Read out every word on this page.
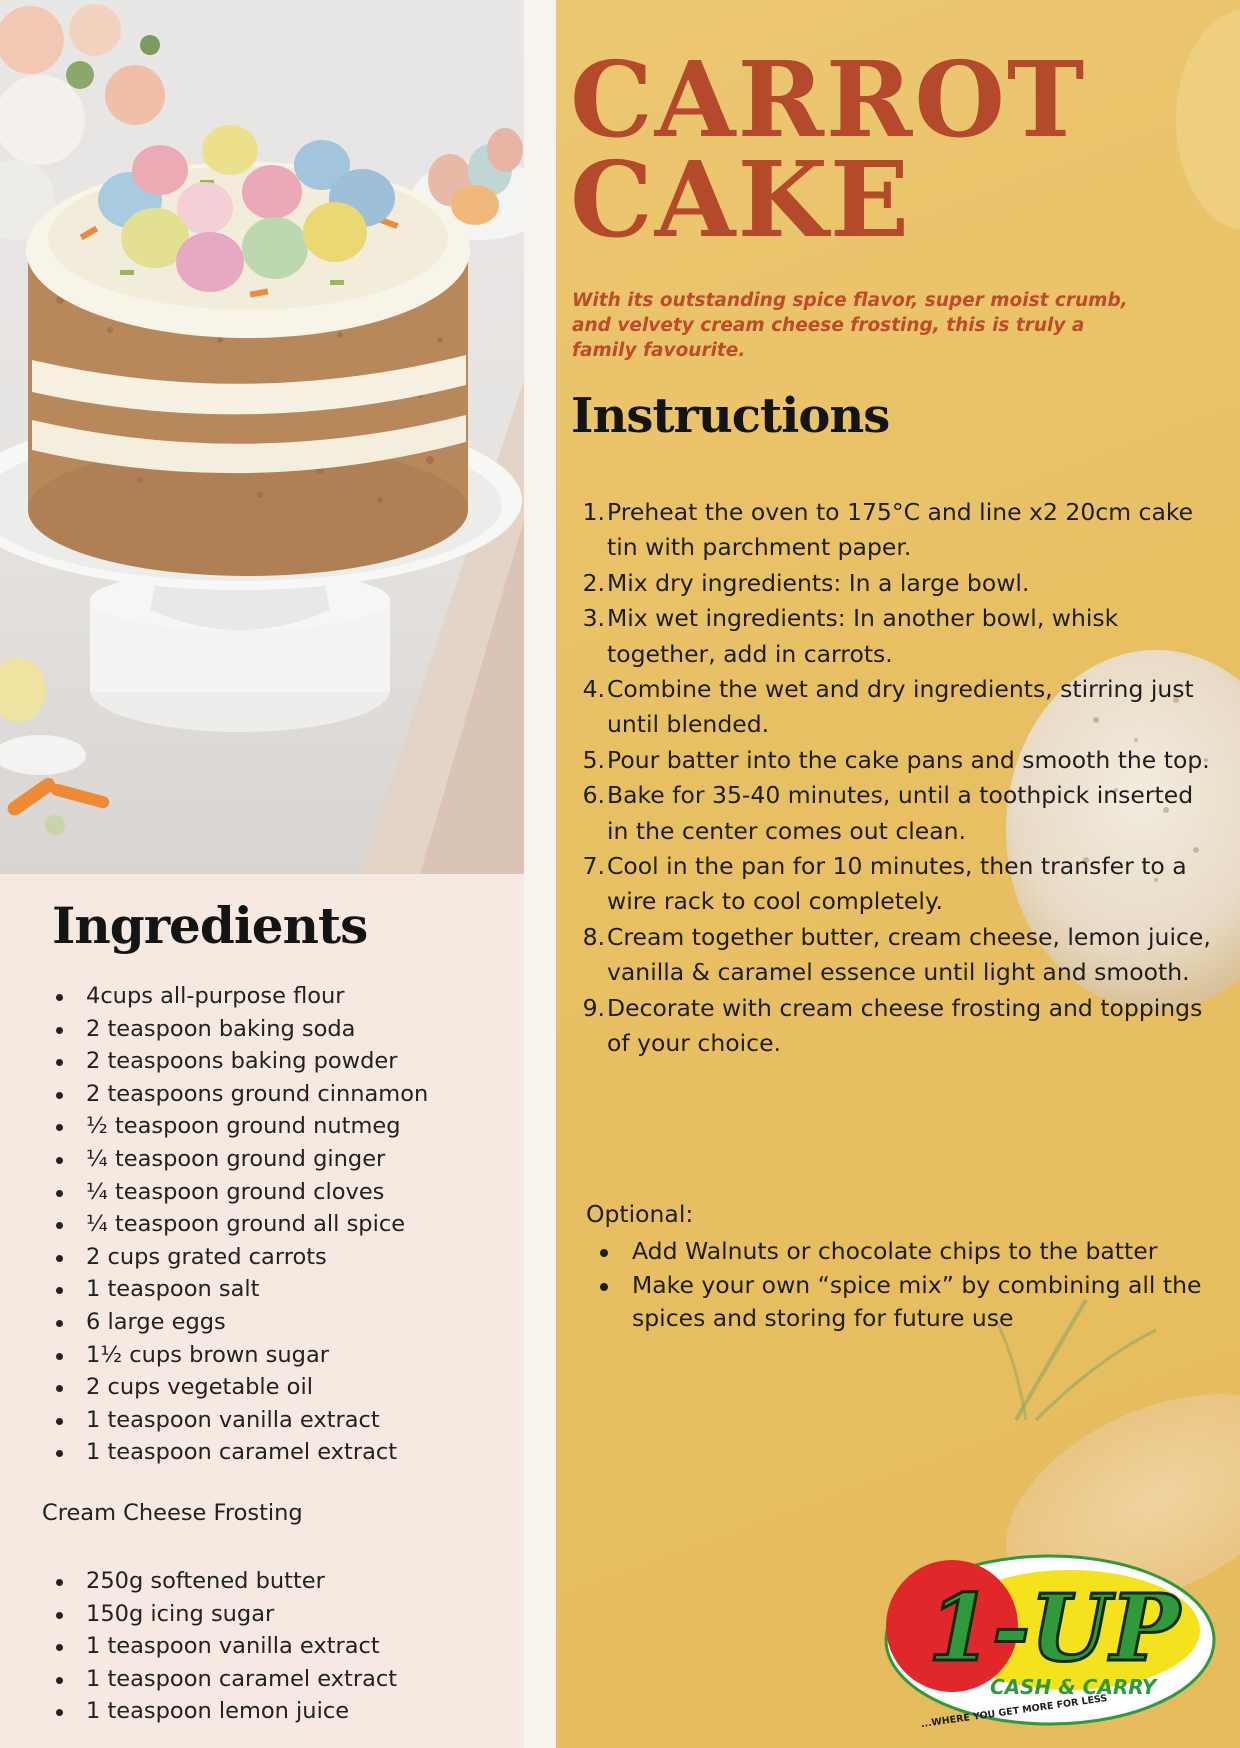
Ingredients
4cups all-purpose flour
2 teaspoon baking soda
2 teaspoons baking powder
2 teaspoons ground cinnamon
½ teaspoon ground nutmeg
¼ teaspoon ground ginger
¼ teaspoon ground cloves
¼ teaspoon ground all spice
2 cups grated carrots
1 teaspoon salt
6 large eggs
1½ cups brown sugar
2 cups vegetable oil
1 teaspoon vanilla extract
1 teaspoon caramel extract
Cream Cheese Frosting
250g softened butter
150g icing sugar
1 teaspoon vanilla extract
1 teaspoon caramel extract
1 teaspoon lemon juice
CARROT
CAKE
With its outstanding spice flavor, super moist crumb, and velvety cream cheese frosting, this is truly a family favourite.
Instructions
1. Preheat the oven to 175°C and line x2 20cm cake tin with parchment paper.
2. Mix dry ingredients: In a large bowl.
3. Mix wet ingredients: In another bowl, whisk together, add in carrots.
4. Combine the wet and dry ingredients, stirring just until blended.
5. Pour batter into the cake pans and smooth the top.
6. Bake for 35-40 minutes, until a toothpick inserted in the center comes out clean.
7. Cool in the pan for 10 minutes, then transfer to a wire rack to cool completely.
8. Cream together butter, cream cheese, lemon juice, vanilla & caramel essence until light and smooth.
9. Decorate with cream cheese frosting and toppings of your choice.
Optional:
Add Walnuts or chocolate chips to the batter
Make your own “spice mix” by combining all the spices and storing for future use
1-UP
CASH & CARRY
...WHERE YOU GET MORE FOR LESS
